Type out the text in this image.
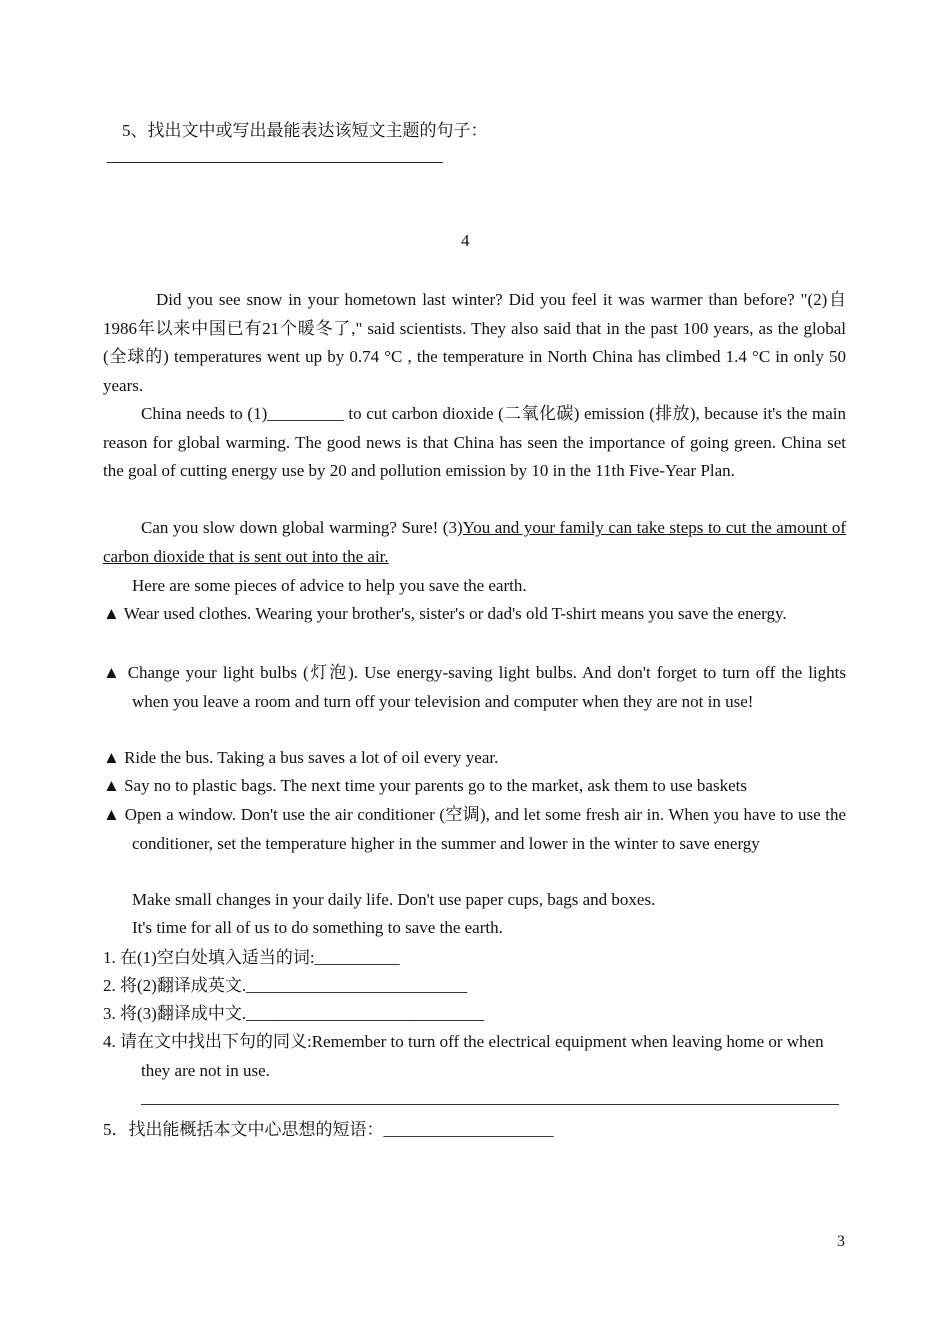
5、找出文中或写出最能表达该短文主题的句子：
4
Did you see snow in your hometown last winter? Did you feel it was warmer than before? "(2)自1986年以来中国已有21个暖冬了," said scientists. They also said that in the past 100 years, as the global (全球的) temperatures went up by 0.74 °C , the temperature in North China has climbed 1.4 °C in only 50 years.
China needs to (1)_________ to cut carbon dioxide (二氧化碳) emission (排放), because it's the main reason for global warming. The good news is that China has seen the importance of going green. China set the goal of cutting energy use by 20 and pollution emission by 10 in the 11th Five-Year Plan.
Can you slow down global warming? Sure! (3)You and your family can take steps to cut the amount of carbon dioxide that is sent out into the air.
Here are some pieces of advice to help you save the earth.
▲ Wear used clothes. Wearing your brother's, sister's or dad's old T-shirt means you save the energy.
▲ Change your light bulbs (灯泡). Use energy-saving light bulbs. And don't forget to turn off the lights when you leave a room and turn off your television and computer when they are not in use!
▲ Ride the bus. Taking a bus saves a lot of oil every year.
▲ Say no to plastic bags. The next time your parents go to the market, ask them to use baskets
▲ Open a window. Don't use the air conditioner (空调), and let some fresh air in. When you have to use the conditioner, set the temperature higher in the summer and lower in the winter to save energy
Make small changes in your daily life. Don't use paper cups, bags and boxes.
It's time for all of us to do something to save the earth.
1. 在(1)空白处填入适当的词:__________
2. 将(2)翻译成英文.__________________________
3. 将(3)翻译成中文.____________________________
4. 请在文中找出下句的同义:Remember to turn off the electrical equipment when leaving home or when they are not in use.
5．找出能概括本文中心思想的短语：____________________
3
